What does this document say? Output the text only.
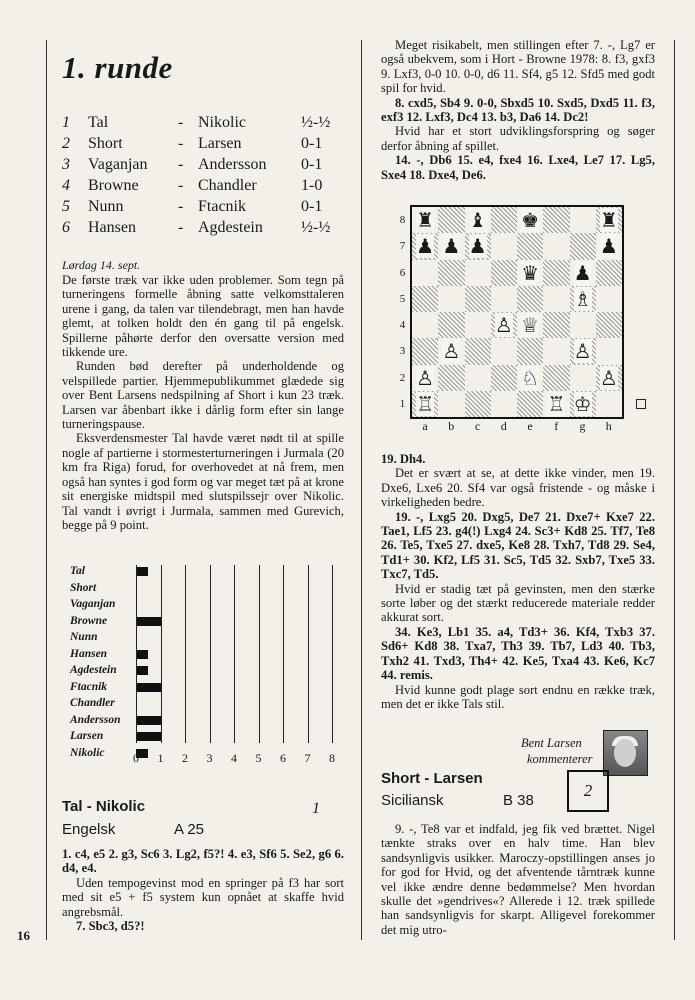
16
1. runde
1	Tal	-	Nikolic	½-½
2	Short	-	Larsen	0-1
3	Vaganjan	-	Andersson	0-1
4	Browne	-	Chandler	1-0
5	Nunn	-	Ftacnik	0-1
6	Hansen	-	Agdestein	½-½
Lørdag 14. sept.

De første træk var ikke uden problemer. Som tegn på turneringens formelle åbning satte velkomsttaleren urene i gang, da talen var tilendebragt, men han havde glemt, at tolken holdt den én gang til på engelsk. Spillerne påhørte derfor den oversatte version med tikkende ure.

Runden bød derefter på underholdende og velspillede partier. Hjemmepublikummet glædede sig over Bent Larsens nedspilning af Short i kun 23 træk. Larsen var åbenbart ikke i dårlig form efter sin lange turneringspause.

Eksverdensmester Tal havde været nødt til at spille nogle af partierne i stormesterturneringen i Jurmala (20 km fra Riga) forud, for overhovedet at nå frem, men også han syntes i god form og var meget tæt på at krone sit energiske midtspil med slutspilssejr over Nikolic. Tal vandt i øvrigt i Jurmala, sammen med Gurevich, begge på 9 point.

Tal
Short
Vaganjan
Browne
Nunn
Hansen
Agdestein
Ftacnik
Chandler
Andersson
Larsen
Nikolic 0 1 2 3 4 5 6 7 8
Tal - Nikolic	1
Engelsk	A 25

1. c4, e5 2. g3, Sc6 3. Lg2, f5?! 4. e3, Sf6 5. Se2, g6 6. d4, e4.

Uden tempogevinst mod en springer på f3 har sort med sit e5 + f5 system kun opnået at skaffe hvid angrebsmål.

7. Sbc3, d5?!

Meget risikabelt, men stillingen efter 7. -, Lg7 er også ubekvem, som i Hort - Browne 1978: 8. f3, gxf3 9. Lxf3, 0-0 10. 0-0, d6 11. Sf4, g5 12. Sfd5 med godt spil for hvid.

8. cxd5, Sb4 9. 0-0, Sbxd5 10. Sxd5, Dxd5 11. f3, exf3 12. Lxf3, Dc4 13. b3, Da6 14. Dc2!

Hvid har et stort udviklingsforspring og søger derfor åbning af spillet.

14. -, Db6 15. e4, fxe4 16. Lxe4, Le7 17. Lg5, Sxe4 18. Dxe4, De6.

♜ ♝ ♚	♜
♟ ♟ ♟	♟
♛ ♟
♗
♙ ♕
♙	♙
♙	♘	♙
♖	♖ ♔
8
7
6
5
4
3
2
1
a	b	c	d	e	f	g	h

19. Dh4.

Det er svært at se, at dette ikke vinder, men 19. Dxe6, Lxe6 20. Sf4 var også fristende - og måske i virkeligheden bedre.

19. -, Lxg5 20. Dxg5, De7 21. Dxe7+ Kxe7 22. Tae1, Lf5 23. g4(!) Lxg4 24. Sc3+ Kd8 25. Tf7, Te8 26. Te5, Txe5 27. dxe5, Ke8 28. Txh7, Td8 29. Se4, Td1+ 30. Kf2, Lf5 31. Sc5, Td5 32. Sxb7, Txe5 33. Txc7, Td5.

Hvid er stadig tæt på gevinsten, men den stærke sorte løber og det stærkt reducerede materiale redder akkurat sort.

34. Ke3, Lb1 35. a4, Td3+ 36. Kf4, Txb3 37. Sd6+ Kd8 38. Txa7, Th3 39. Tb7, Ld3 40. Tb3, Txh2 41. Txd3, Th4+ 42. Ke5, Txa4 43. Ke6, Kc7 44. remis.

Hvid kunne godt plage sort endnu en række træk, men det er ikke Tals stil.

Bent Larsen
kommenterer
Short - Larsen
Siciliansk	B 38
2

9. -, Te8 var et indfald, jeg fik ved brættet. Nigel tænkte straks over en halv time. Han blev sandsynligvis usikker. Maroczy-opstillingen anses jo for god for Hvid, og det afventende tårntræk kunne vel ikke ændre denne bedømmelse? Men hvordan skulle det »gendrives«? Allerede i 12. træk spillede han sandsynligvis for skarpt. Alligevel forekommer det mig utro-
